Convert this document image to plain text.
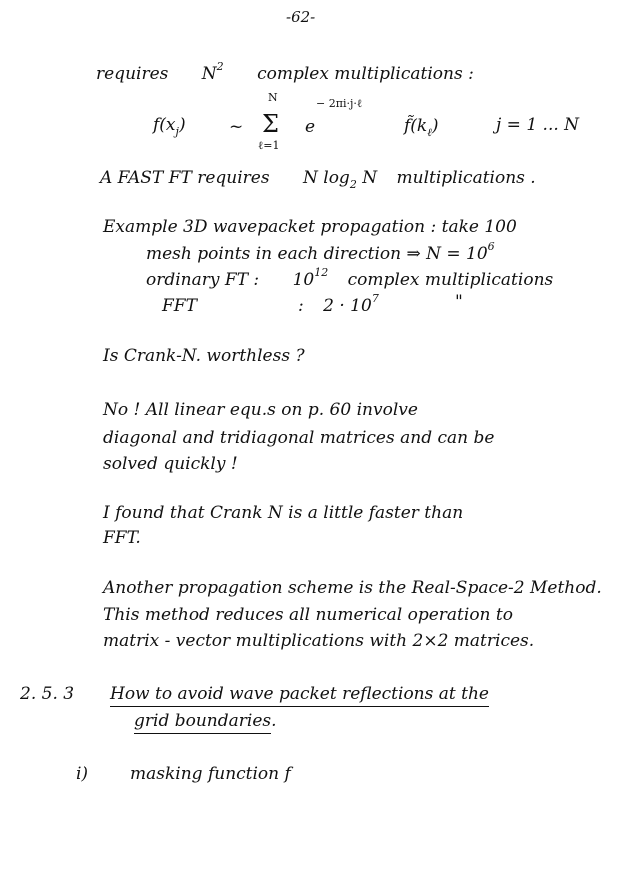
-62-
requires $N^2$ complex multiplications :
N
$f(x_j)$	~ Σ
ℓ=1
e
− 2πi·j·ℓ
$f̃(k_\ell)$	j = 1 ... N
A FAST FT requires N $\log_2 N$ multiplications .
Example 3D wavepacket propagation : take 100
mesh points in each direction ⇒ $N = 10^6$
ordinary FT : $10^{12}$ complex multiplications
FFT	: $2 \cdot 10^7$	"
Is Crank-N. worthless ?
No ! All linear equ.s on p. 60 involve
diagonal and tridiagonal matrices and can be
solved quickly !
I found that Crank N is a little faster than
FFT.
Another propagation scheme is the Real-Space-2 Method.
This method reduces all numerical operation to
matrix - vector multiplications with 2×2 matrices.
2. 5. 3 How to avoid wave packet reflections at the
grid boundaries.
i) masking function f
